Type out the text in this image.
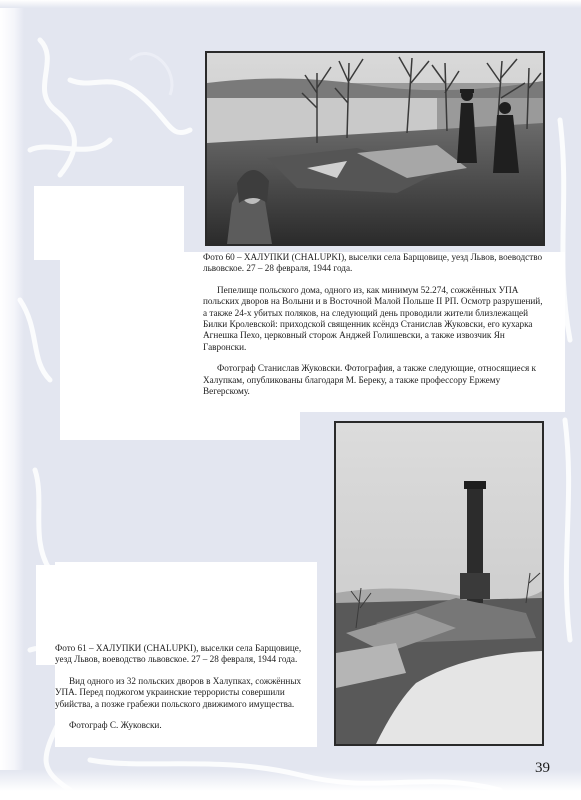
Фото 60 – ХАЛУПКИ (CHALUPKI), выселки села Барщовице, уезд Львов, воеводство львовское. 27 – 28 февраля, 1944 года.

Пепелище польского дома, одного из, как минимум 52.274, сожжённых УПА польских дворов на Волыни и в Восточной Малой Польше II РП. Осмотр разрушений, а также 24-х убитых поляков, на следующий день проводили жители близлежащей Билки Кролевской: приходской священник ксёндз Станислав Жуковски, его кухарка Агнешка Пехо, церковный сторож Анджей Голишевски, а также извозчик Ян Гавронски.

Фотограф Станислав Жуковски. Фотография, а также следующие, относящиеся к Халупкам, опубликованы благодаря М. Береку, а также профессору Ержему Вегерскому.

Фото 61 – ХАЛУПКИ (CHALUPKI), выселки села Барщовице, уезд Львов, воеводство львовское. 27 – 28 февраля, 1944 года.

Вид одного из 32 польских дворов в Халупках, сожжённых УПА. Перед поджогом украинские террористы совершили убийства, а позже грабежи польского движимого имущества.

Фотограф С. Жуковски.

39
